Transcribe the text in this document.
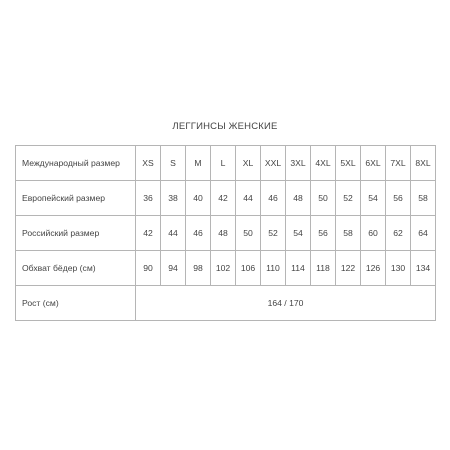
ЛЕГГИНСЫ ЖЕНСКИЕ
Международный размер	XS	S	M	L	XL	XXL	3XL	4XL	5XL	6XL	7XL	8XL
Европейский размер	36	38	40	42	44	46	48	50	52	54	56	58
Российский размер	42	44	46	48	50	52	54	56	58	60	62	64
Обхват бёдер (см)	90	94	98	102	106	110	114	118	122	126	130	134
Рост (см)	164 / 170											
